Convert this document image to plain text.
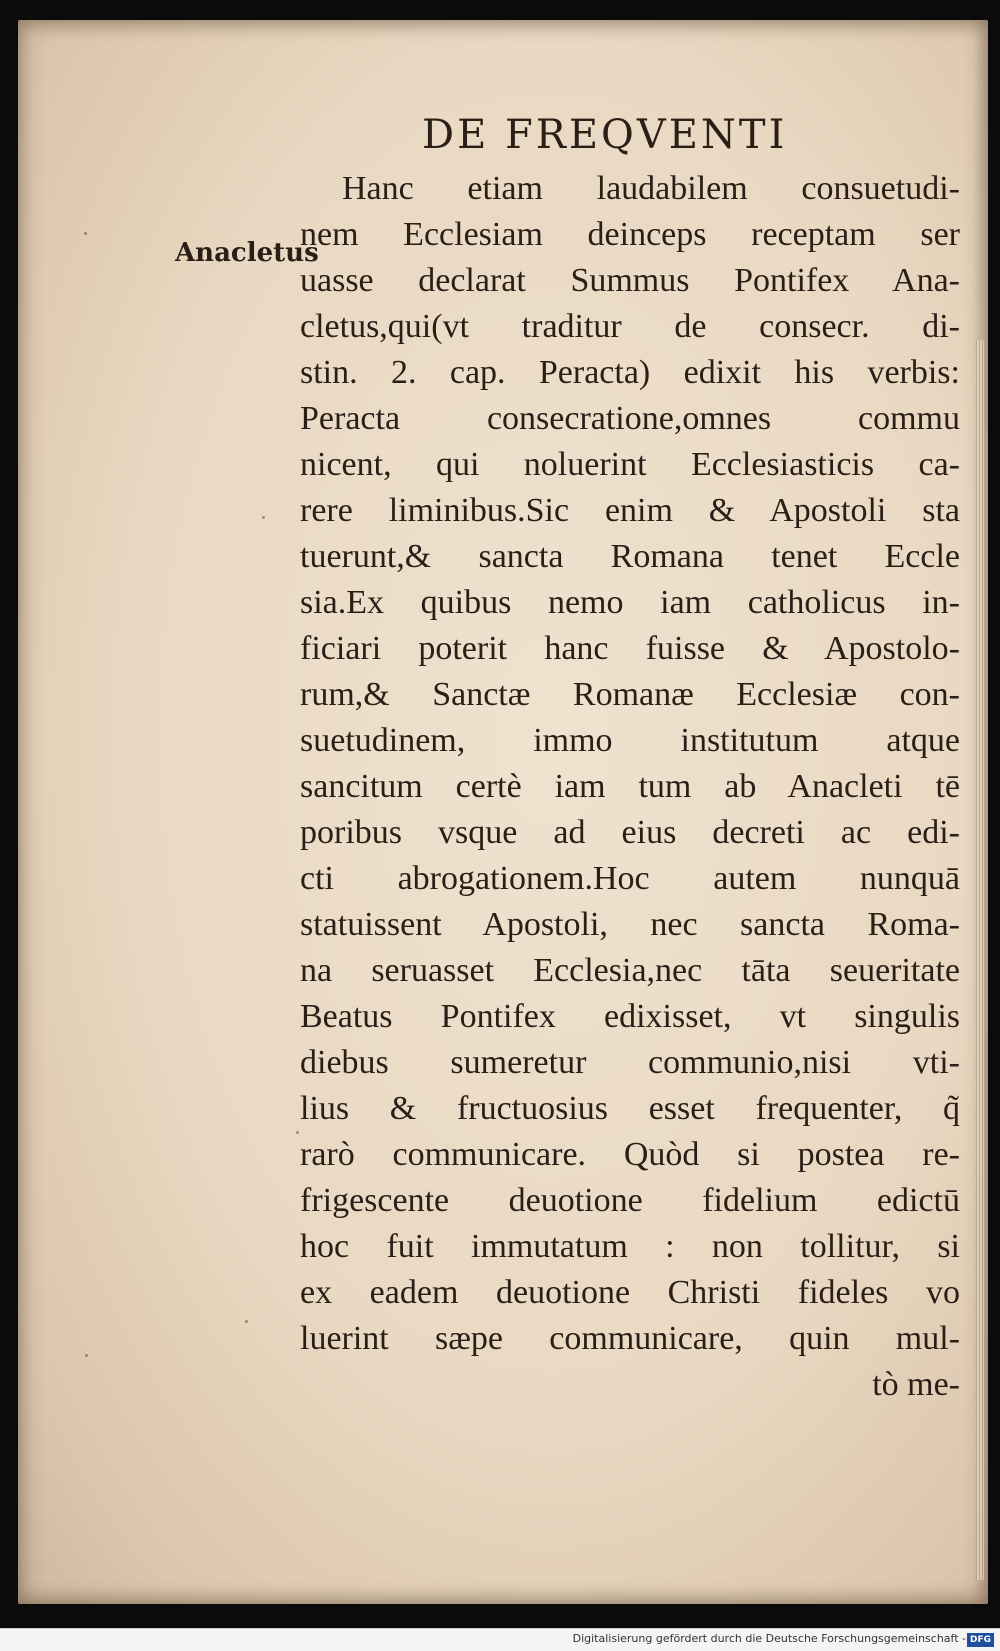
DE FREQVENTI
Anacletus
Hanc etiam laudabilem consuetudi-
nem Ecclesiam deinceps receptam ser
uasse declarat Summus Pontifex Ana-
cletus,qui(vt traditur de consecr. di-
stin. 2. cap. Peracta) edixit his verbis:
Peracta consecratione,omnes commu
nicent, qui noluerint Ecclesiasticis ca-
rere liminibus.Sic enim & Apostoli sta
tuerunt,& sancta Romana tenet Eccle
sia.Ex quibus nemo iam catholicus in-
ficiari poterit hanc fuisse & Apostolo-
rum,& Sanctæ Romanæ Ecclesiæ con-
suetudinem, immo institutum atque
sancitum certè iam tum ab Anacleti tē
poribus vsque ad eius decreti ac edi-
cti abrogationem.Hoc autem nunquā
statuissent Apostoli, nec sancta Roma-
na seruasset Ecclesia,nec tāta seueritate
Beatus Pontifex edixisset, vt singulis
diebus sumeretur communio,nisi vti-
lius & fructuosius esset frequenter, q̃
rarò communicare. Quòd si postea re-
frigescente deuotione fidelium edictū
hoc fuit immutatum : non tollitur, si
ex eadem deuotione Christi fideles vo
luerint sæpe communicare, quin mul-
tò me-
Digitalisierung gefördert durch die Deutsche Forschungsgemeinschaft - DFG
